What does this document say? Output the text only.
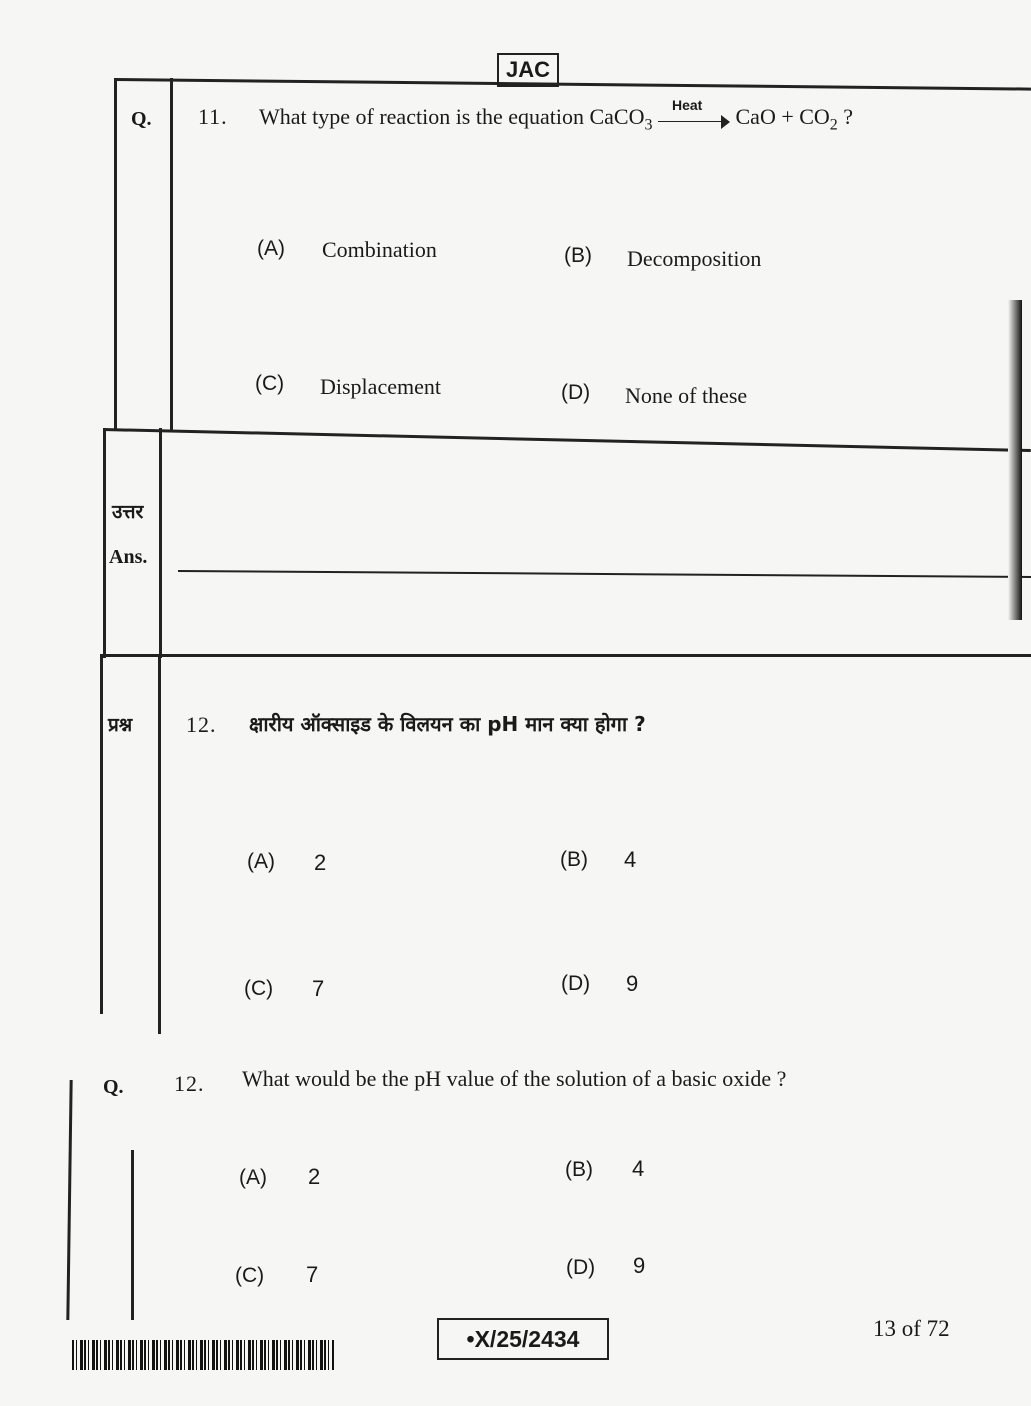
JAC
Q. 11. What type of reaction is the equation CaCO$_3$
Heat CaO + $CO_2$ ?
(A) Combination	(B) Decomposition
(C) Displacement	(D) None of these
उत्तर
Ans.
प्रश्न 12. क्षारीय ऑक्साइड के विलयन का pH मान क्या होगा ?
(A) 2	(B) 4
(C) 7	(D) 9
Q. 12. What would be the pH value of the solution of a basic oxide ?
(A) 2	(B) 4
(C) 7	(D) 9
•X/25/2434	13 of 72
